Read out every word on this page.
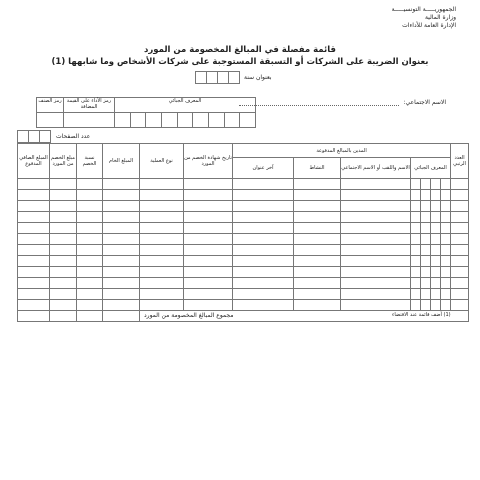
الجمهوريـــــة التونسيـــــة
وزارة المالية
الإدارة العامة للأداءات
قائمة مفصلة في المبالغ المخصومة من المورد
بعنوان الضريبة على الشركات أو التسبقة المستوجبة على شركات الأشخاص وما شابهها (1)
بعنوان سنة
رمز الصنف	رمز الأداء على القيمة المضافة	المعرف الجبائي
			الاسم الاجتماعي:
عدد الصفحات
المبلغ الصافي المدفوع	مبلغ الخصم من المورد	نسبة الخصم	المبلغ الخام	نوع العملية	تاريخ شهادة الخصم من المورد	المدين بالمبالغ المدفوعة				العدد الرتبي
						آخر عنوان	النشاط	الاسم واللقب أو الاسم الاجتماعي	المعرف الجبائي	

				مجموع المبالغ المخصومة من المورد							(1) أضف قائمة عند الاقتضاء
